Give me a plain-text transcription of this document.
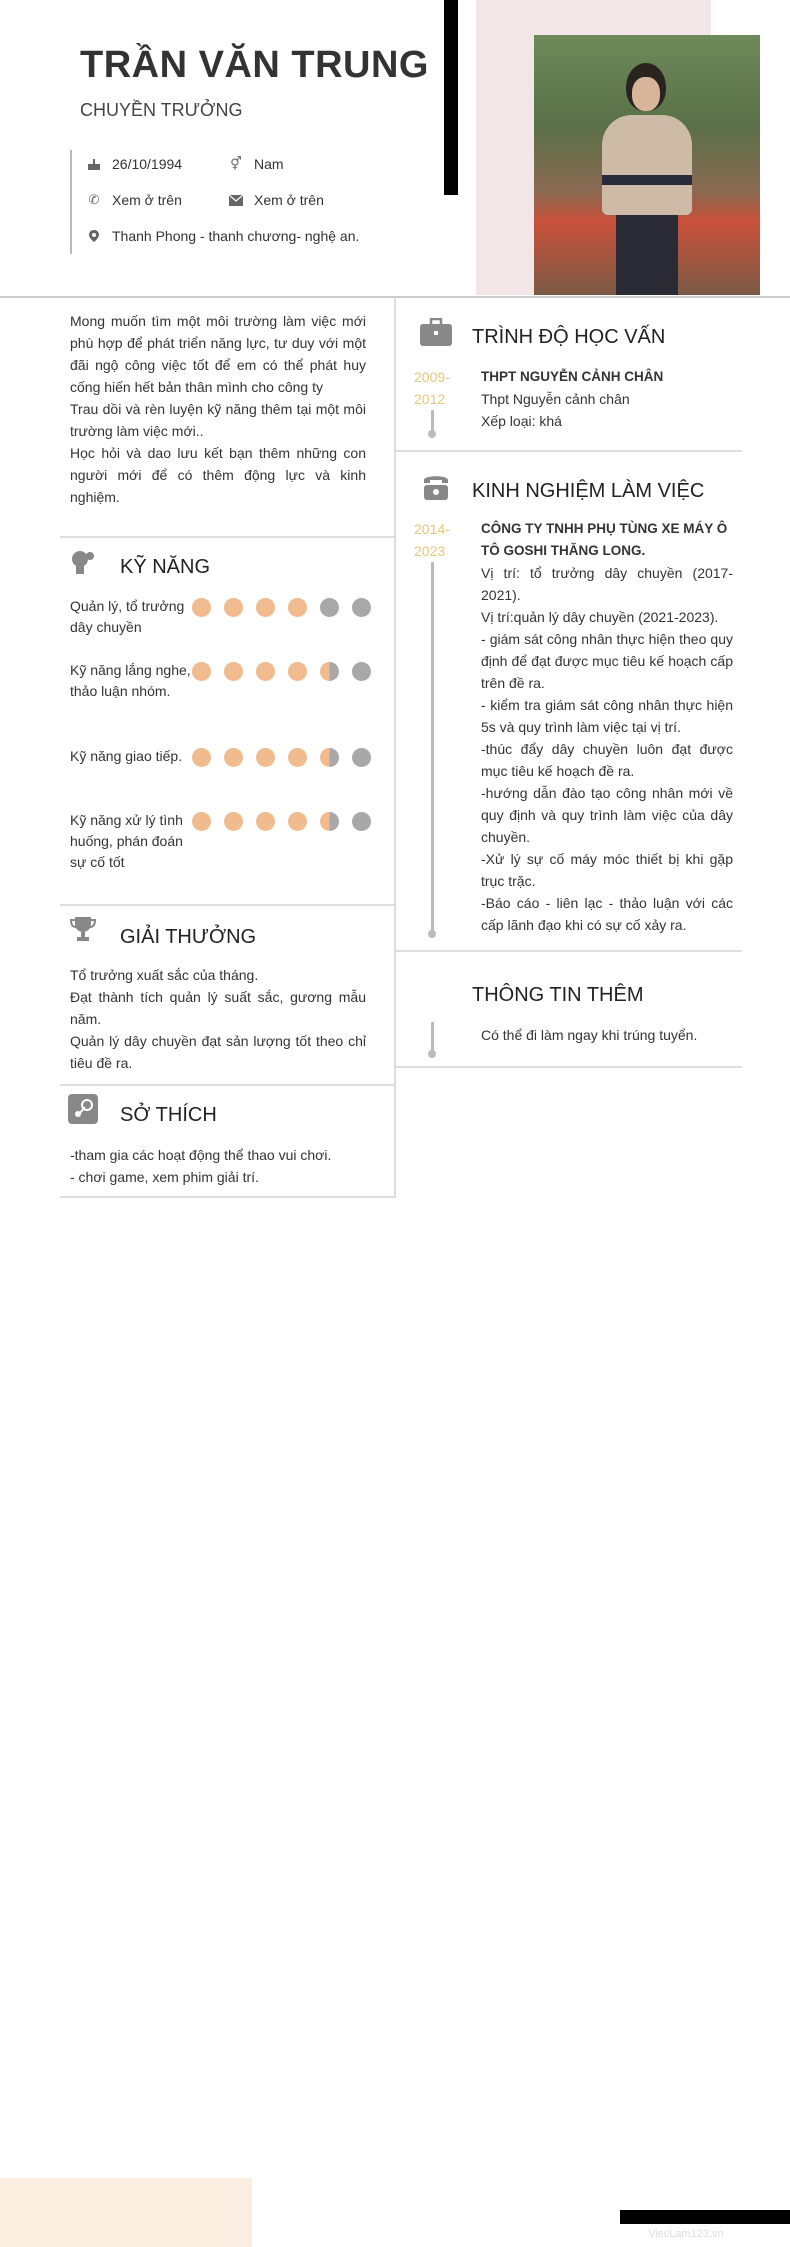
TRẦN VĂN TRUNG
CHUYỀN TRƯỞNG
26/10/1994	⚥ Nam
✆ Xem ở trên	Xem ở trên
Thanh Phong - thanh chương- nghệ an.

Mong muốn tìm một môi trường làm việc mới phù hợp để phát triển năng lực, tư duy với một đãi ngộ công việc tốt để em có thể phát huy cống hiến hết bản thân mình cho công ty

Trau dồi và rèn luyện kỹ năng thêm tại một môi trường làm việc mới..

Học hỏi và dao lưu kết bạn thêm những con người mới để có thêm động lực và kinh nghiệm.

KỸ NĂNG
Quản lý, tổ trưởng dây chuyền
Kỹ năng lắng nghe, thảo luận nhóm.
Kỹ năng giao tiếp.
Kỹ năng xử lý tình huống, phán đoán sự cố tốt
GIẢI THƯỞNG

Tổ trưởng xuất sắc của tháng.

Đạt thành tích quản lý suất sắc, gương mẫu năm.

Quản lý dây chuyền đạt sản lượng tốt theo chỉ tiêu đề ra.

SỞ THÍCH

-tham gia các hoạt động thể thao vui chơi.

- chơi game, xem phim giải trí.

TRÌNH ĐỘ HỌC VẤN
2009-
2012
THPT NGUYỄN CẢNH CHÂN
Thpt Nguyễn cảnh chân
Xếp loại: khá
KINH NGHIỆM LÀM VIỆC
2014-
2023
CÔNG TY TNHH PHỤ TÙNG XE MÁY Ô TÔ GOSHI THĂNG LONG.

Vị trí: tổ trưởng dây chuyền (2017-2021).

Vị trí:quản lý dây chuyền (2021-2023).

- giám sát công nhân thực hiện theo quy định để đạt được mục tiêu kế hoạch cấp trên đề ra.

- kiểm tra giám sát công nhân thực hiện 5s và quy trình làm việc tại vị trí.

-thúc đẩy dây chuyền luôn đạt được mục tiêu kế hoạch đề ra.

-hướng dẫn đào tạo công nhân mới về quy định và quy trình làm việc của dây chuyền.

-Xử lý sự cố máy móc thiết bị khi gặp trục trặc.

-Báo cáo - liên lạc - thảo luận với các cấp lãnh đạo khi có sự cố xảy ra.

THÔNG TIN THÊM
Có thể đi làm ngay khi trúng tuyển.
ViecLam123.vn
